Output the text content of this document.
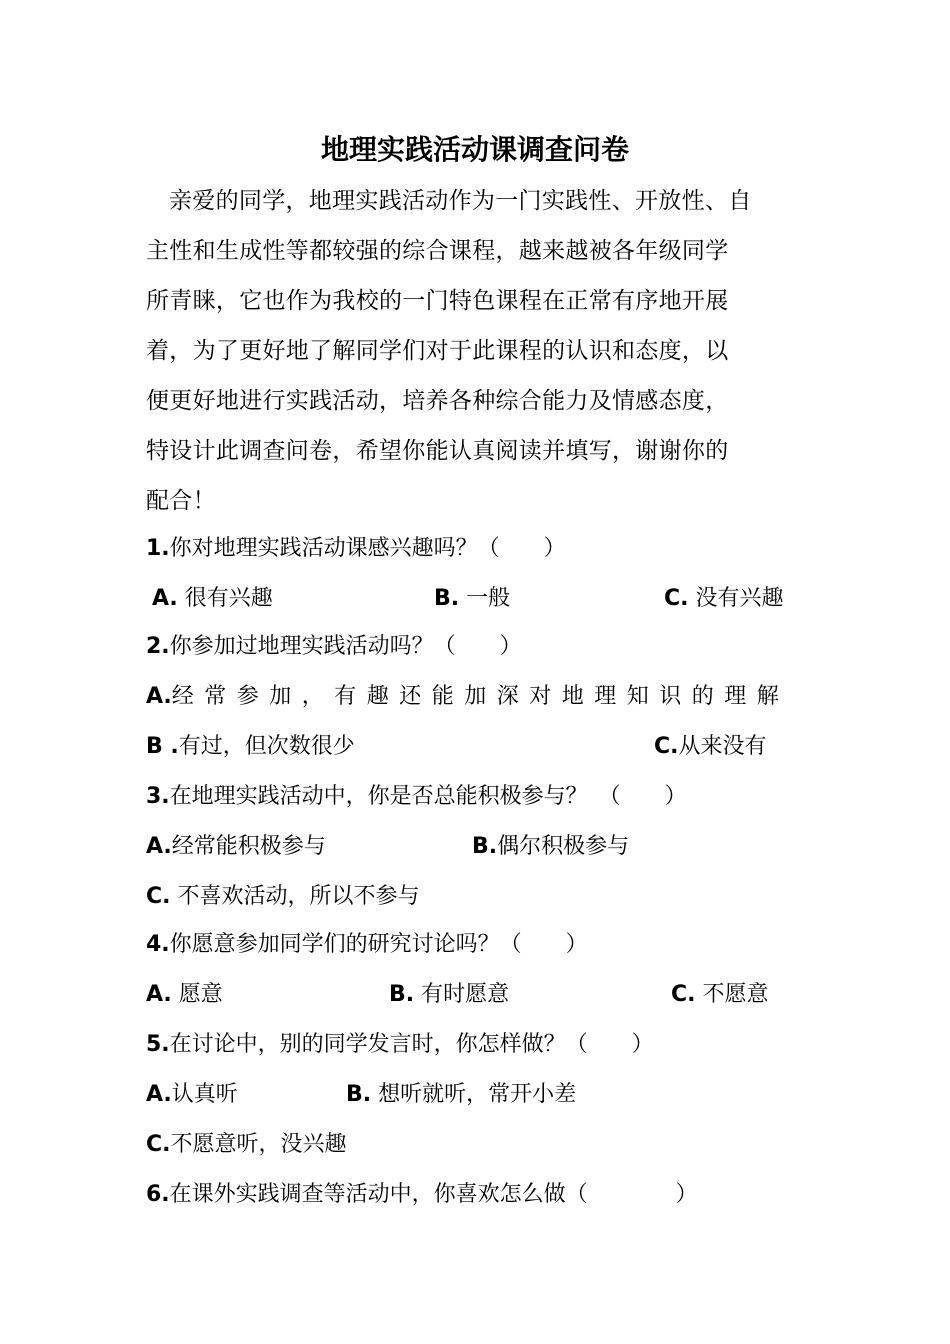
地理实践活动课调查问卷
亲爱的同学，地理实践活动作为一门实践性、开放性、自
主性和生成性等都较强的综合课程，越来越被各年级同学
所青睐，它也作为我校的一门特色课程在正常有序地开展
着，为了更好地了解同学们对于此课程的认识和态度，以
便更好地进行实践活动，培养各种综合能力及情感态度，
特设计此调查问卷，希望你能认真阅读并填写，谢谢你的
配合！
1.你对地理实践活动课感兴趣吗？（　　）
A. 很有兴趣	B. 一般	C. 没有兴趣
2.你参加过地理实践活动吗？（　　）
A.经常参加，有趣还能加深对地理知识的理解
B .有过，但次数很少	C.从来没有
3.在地理实践活动中，你是否总能积极参与？　（　　）
A.经常能积极参与	B.偶尔积极参与
C. 不喜欢活动，所以不参与
4.你愿意参加同学们的研究讨论吗？（　　）
A. 愿意	B. 有时愿意	C. 不愿意
5.在讨论中，别的同学发言时，你怎样做？（　　）
A.认真听	B. 想听就听，常开小差
C.不愿意听，没兴趣
6.在课外实践调查等活动中，你喜欢怎么做（　　　　）
